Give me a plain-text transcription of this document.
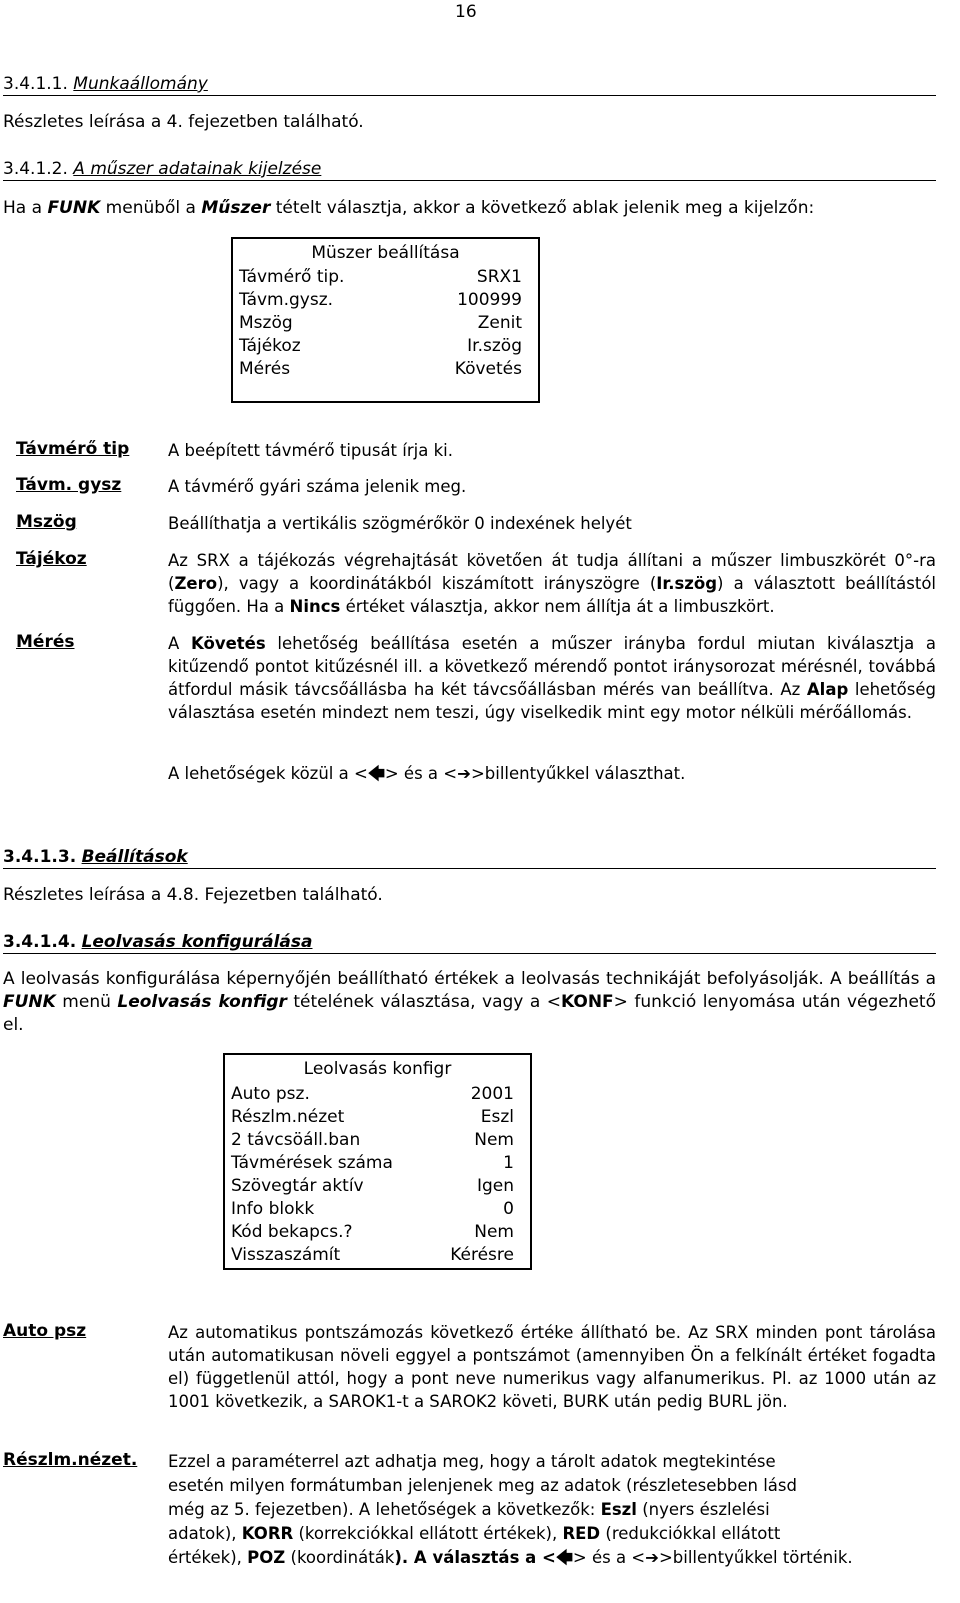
16
3.4.1.1. Munkaállomány
Részletes leírása a 4. fejezetben található.
3.4.1.2. A műszer adatainak kijelzése
Ha a FUNK menüből a Műszer tételt választja, akkor a következő ablak jelenik meg a kijelzőn:
Müszer beállítása
Távmérő tip.	SRX1
Távm.gysz.	100999
Mszög	Zenit
Tájékoz	Ir.szög
Mérés	Követés
Távmérő tip A beépített távmérő tipusát írja ki.
Távm. gysz	A távmérő gyári száma jelenik meg.
Mszög	Beállíthatja a vertikális szögmérőkör 0 indexének helyét
Tájékoz	Az SRX a tájékozás végrehajtását követően át tudja állítani a műszer limbuszkörét 0°-ra (Zero), vagy a koordinátákból kiszámított irányszögre (Ir.szög) a választott beállítástól függően. Ha a Nincs értéket választja, akkor nem állítja át a limbuszkört.
Mérés	A Követés lehetőség beállítása esetén a műszer irányba fordul miutan kiválasztja a kitűzendő pontot kitűzésnél ill. a következő mérendő pontot iránysorozat mérésnél, továbbá átfordul másik távcsőállásba ha két távcsőállásban mérés van beállítva. Az Alap lehetőség választása esetén mindezt nem teszi, úgy viselkedik mint egy motor nélküli mérőállomás.
A lehetőségek közül a <🡄> és a <➔>billentyűkkel választhat.
3.4.1.3. Beállítások
Részletes leírása a 4.8. Fejezetben található.
3.4.1.4. Leolvasás konfigurálása
A leolvasás konfigurálása képernyőjén beállítható értékek a leolvasás technikáját befolyásolják. A beállítás a FUNK menü Leolvasás konfigr tételének választása, vagy a <KONF> funkció lenyomása után végezhető el.
Leolvasás konfigr
Auto psz.	2001
Részlm.nézet	Eszl
2 távcsöáll.ban	Nem
Távmérések száma	1
Szövegtár aktív	Igen
Info blokk	0
Kód bekapcs.?	Nem
Visszaszámít	Kérésre
Auto psz	Az automatikus pontszámozás következő értéke állítható be. Az SRX minden pont tárolása után automatikusan növeli eggyel a pontszámot (amennyiben Ön a felkínált értéket fogadta el) függetlenül attól, hogy a pont neve numerikus vagy alfanumerikus. Pl. az 1000 után az 1001 következik, a SAROK1-t a SAROK2 követi, BURK után pedig BURL jön.
Részlm.nézet. Ezzel a paraméterrel azt adhatja meg, hogy a tárolt adatok megtekintése
esetén milyen formátumban jelenjenek meg az adatok (részletesebben lásd
még az 5. fejezetben). A lehetőségek a következők: Eszl (nyers észlelési
adatok), KORR (korrekciókkal ellátott értékek), RED (redukciókkal ellátott
értékek), POZ (koordináták). A választás a <🡄> és a <➔>billentyűkkel történik.
